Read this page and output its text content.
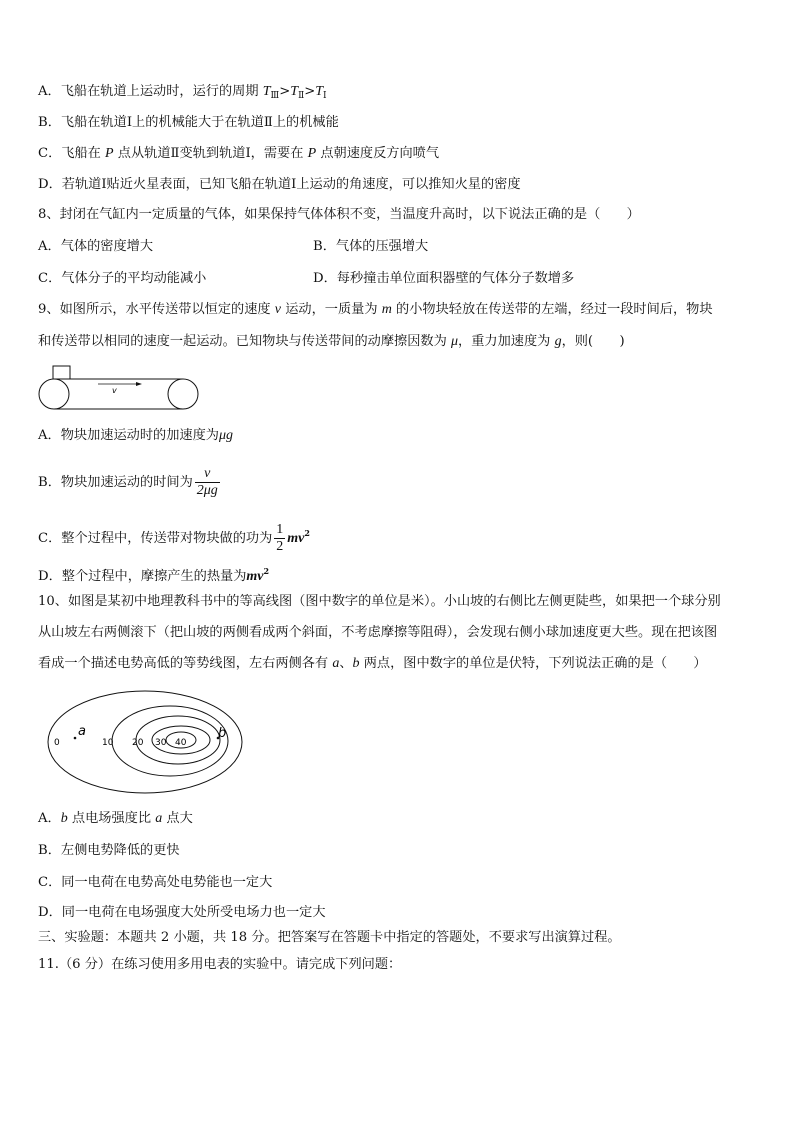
A．飞船在轨道上运动时，运行的周期 $T_Ⅲ>T_Ⅱ>T_Ⅰ$
B．飞船在轨道Ⅰ上的机械能大于在轨道Ⅱ上的机械能
C．飞船在 P 点从轨道Ⅱ变轨到轨道Ⅰ，需要在 P 点朝速度反方向喷气
D．若轨道Ⅰ贴近火星表面，已知飞船在轨道Ⅰ上运动的角速度，可以推知火星的密度
8、封闭在气缸内一定质量的气体，如果保持气体体积不变，当温度升高时，以下说法正确的是（　　）
A．气体的密度增大	B．气体的压强增大
C．气体分子的平均动能减小	D．每秒撞击单位面积器壁的气体分子数增多
9、如图所示，水平传送带以恒定的速度 v 运动，一质量为 m 的小物块轻放在传送带的左端，经过一段时间后，物块
和传送带以相同的速度一起运动。已知物块与传送带间的动摩擦因数为 μ，重力加速度为 g，则(　　)
v
A．物块加速运动时的加速度为μg
B．物块加速运动的时间为 $\frac{v}{2\mu g}$
C．整个过程中，传送带对物块做的功为 $\frac{1}{2} mv^2$
D．整个过程中，摩擦产生的热量为$mv^2$
10、如图是某初中地理教科书中的等高线图（图中数字的单位是米）。小山坡的右侧比左侧更陡些，如果把一个球分别
从山坡左右两侧滚下（把山坡的两侧看成两个斜面，不考虑摩擦等阻碍），会发现右侧小球加速度更大些。现在把该图
看成一个描述电势高低的等势线图，左右两侧各有 a、b 两点，图中数字的单位是伏特，下列说法正确的是（　　）
0	10 20 30 40
a	b
A．b 点电场强度比 a 点大
B．左侧电势降低的更快
C．同一电荷在电势高处电势能也一定大
D．同一电荷在电场强度大处所受电场力也一定大
三、实验题：本题共 2 小题，共 18 分。把答案写在答题卡中指定的答题处，不要求写出演算过程。
11.（6 分）在练习使用多用电表的实验中。请完成下列问题：
